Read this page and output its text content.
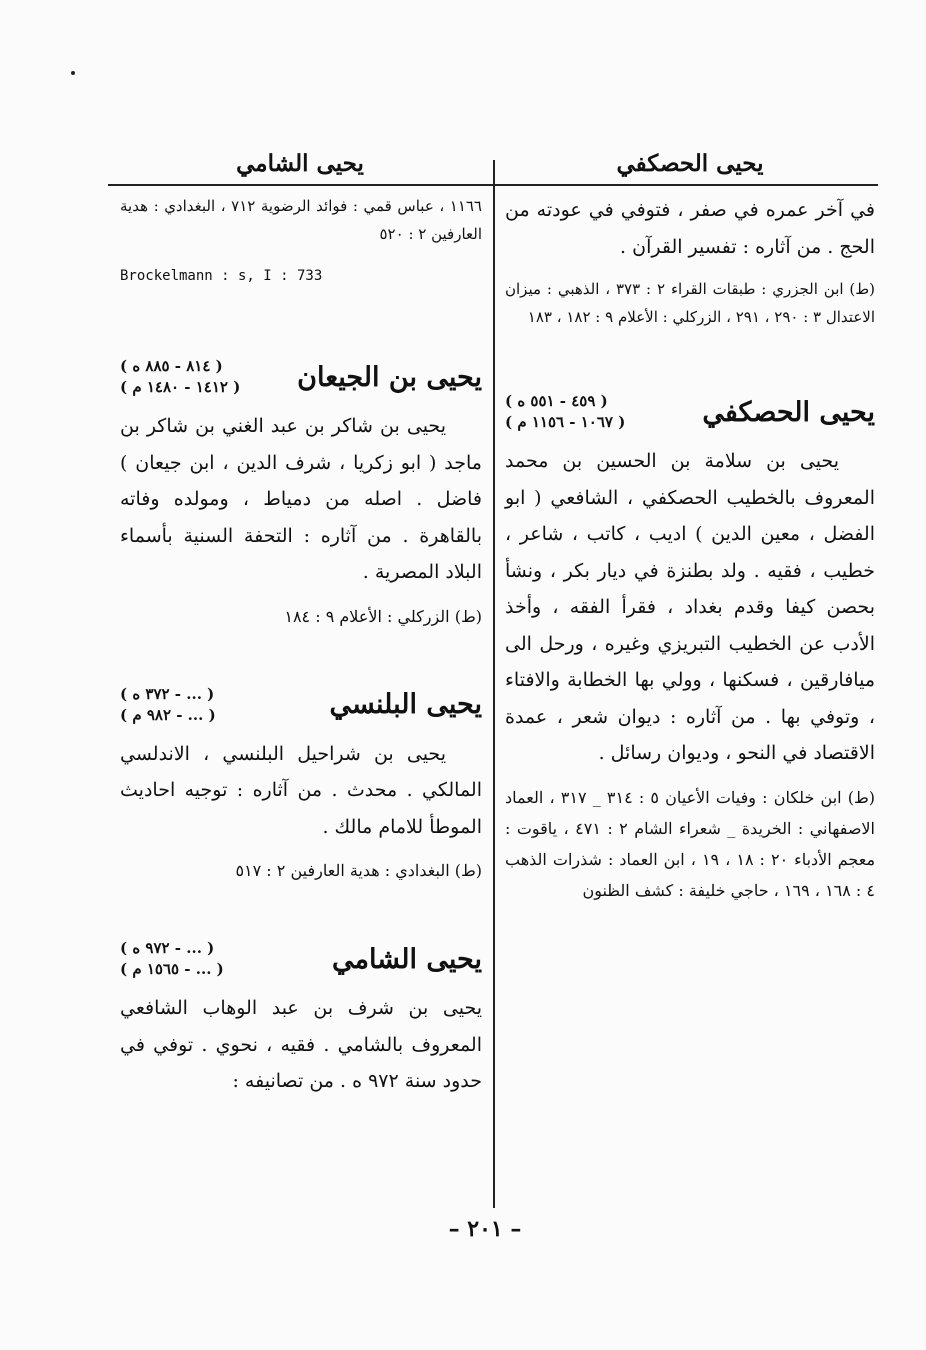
يحيى الحصكفي
يحيى الشامي

في آخر عمره في صفر ، فتوفي في عودته من الحج . من آثاره : تفسير القرآن .

(ط) ابن الجزري : طبقات القراء ٢ : ٣٧٣ ، الذهبي : ميزان الاعتدال ٣ : ٢٩٠ ، ٢٩١ ، الزركلي : الأعلام ٩ : ١٨٢ ، ١٨٣

يحيى الحصكفي
( ٤٥٩ - ٥٥١ ه )
( ١٠٦٧ - ١١٥٦ م )

يحيى بن سلامة بن الحسين بن محمد المعروف بالخطيب الحصكفي ، الشافعي ( ابو الفضل ، معين الدين ) اديب ، كاتب ، شاعر ، خطيب ، فقيه . ولد بطنزة في ديار بكر ، ونشأ بحصن كيفا وقدم بغداد ، فقرأ الفقه ، وأخذ الأدب عن الخطيب التبريزي وغيره ، ورحل الى ميافارقين ، فسكنها ، وولي بها الخطابة والافتاء ، وتوفي بها . من آثاره : ديوان شعر ، عمدة الاقتصاد في النحو ، وديوان رسائل .

(ط) ابن خلكان : وفيات الأعيان ٥ : ٣١٤ _ ٣١٧ ، العماد الاصفهاني : الخريدة _ شعراء الشام ٢ : ٤٧١ ، ياقوت : معجم الأدباء ٢٠ : ١٨ ، ١٩ ، ابن العماد : شذرات الذهب ٤ : ١٦٨ ، ١٦٩ ، حاجي خليفة : كشف الظنون

١١٦٦ ، عباس قمي : فوائد الرضوية ٧١٢ ، البغدادي : هدية العارفين ٢ : ٥٢٠

Brockelmann : s, I : 733

يحيى بن الجيعان
( ٨١٤ - ٨٨٥ ه )
( ١٤١٢ - ١٤٨٠ م )

يحيى بن شاكر بن عبد الغني بن شاكر بن ماجد ( ابو زكريا ، شرف الدين ، ابن جيعان ) فاضل . اصله من دمياط ، ومولده وفاته بالقاهرة . من آثاره : التحفة السنية بأسماء البلاد المصرية .

(ط) الزركلي : الأعلام ٩ : ١٨٤

يحيى البلنسي
( ... - ٣٧٢ ه )
( ... - ٩٨٢ م )

يحيى بن شراحيل البلنسي ، الاندلسي المالكي . محدث . من آثاره : توجيه احاديث الموطأ للامام مالك .

(ط) البغدادي : هدية العارفين ٢ : ٥١٧

يحيى الشامي
( ... - ٩٧٢ ه )
( ... - ١٥٦٥ م )

يحيى بن شرف بن عبد الوهاب الشافعي المعروف بالشامي . فقيه ، نحوي . توفي في حدود سنة ٩٧٢ ه . من تصانيفه :

– ٢٠١ –
